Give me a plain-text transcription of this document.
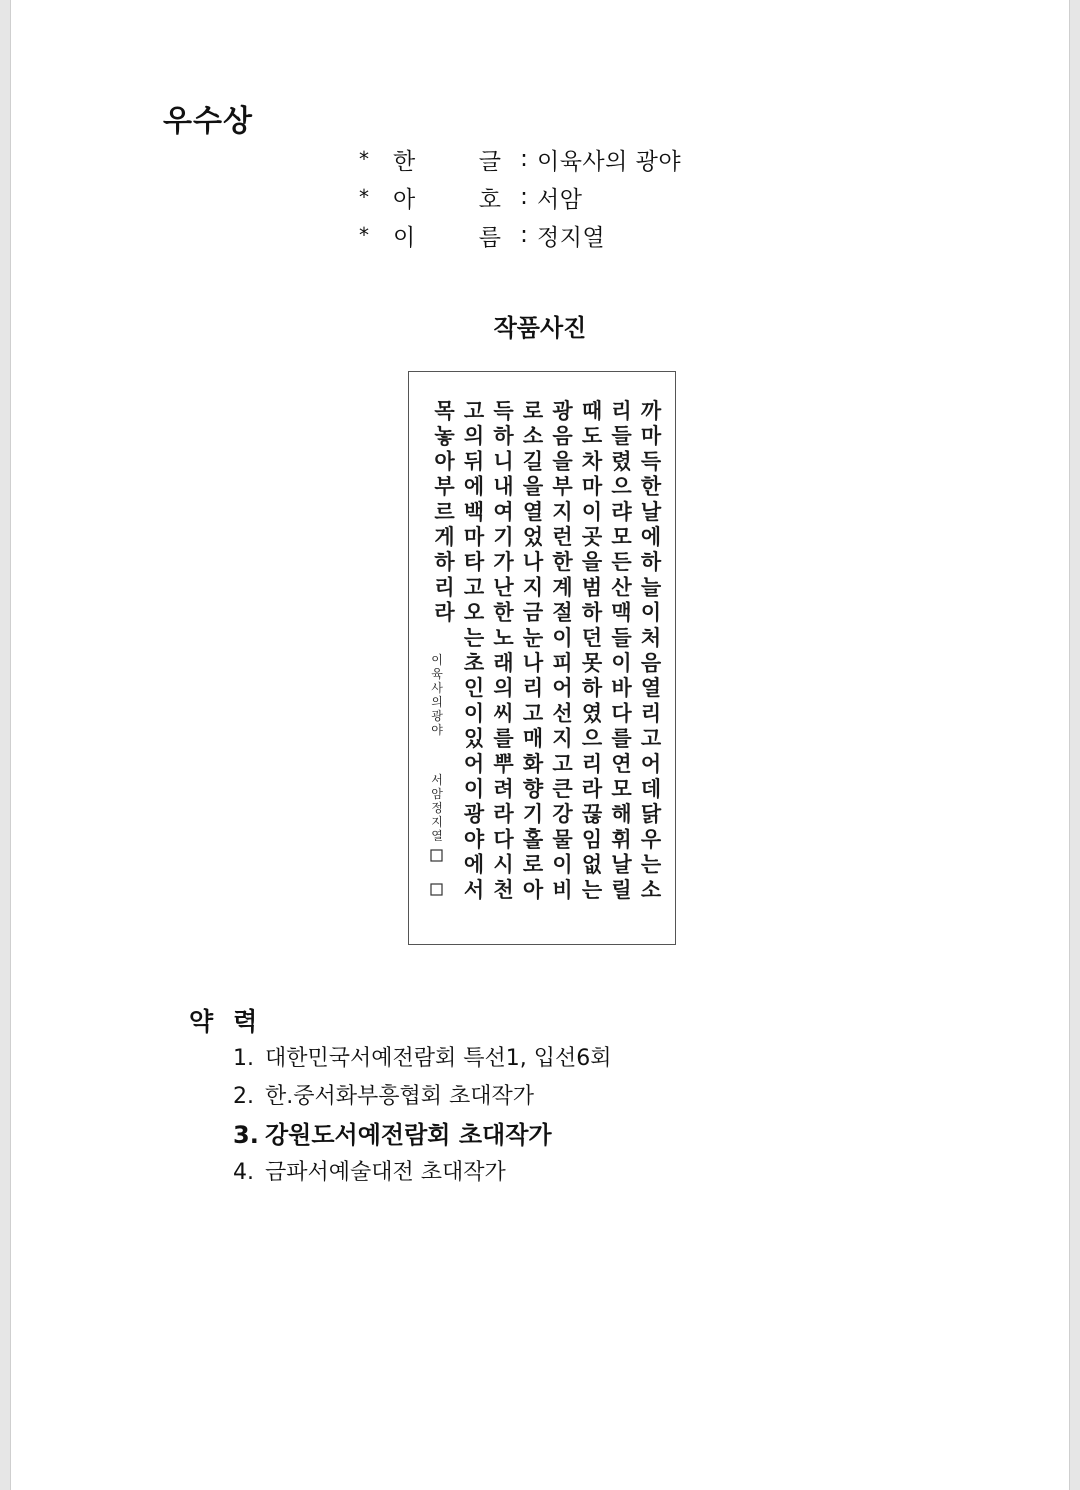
우수상
*	한	글 : 이육사의 광야
*	아	호 : 서암
*	이	름 : 정지열
작품사진
까
마
득
한
날
에
하
늘
이
처
음
열
리
고
어
데
닭
우
는
소
리
들
렸
으
랴
모
든
산
맥
들
이
바
다
를
연
모
해
휘
날
릴
때
도
차
마
이
곳
을
범
하
던
못
하
였
으
리
라
끊
임
없
는
광
음
을
부
지
런
한
계
절
이
피
어
선
지
고
큰
강
물
이
비
로
소
길
을
열
었
나
지
금
눈
나
리
고
매
화
향
기
홀
로
아
득
하
니
내
여
기
가
난
한
노
래
의
씨
를
뿌
려
라
다
시
천
고
의
뒤
에
백
마
타
고
오
는
초
인
이
있
어
이
광
야
에
서
목
놓
아
부
르
게
하
리
라
이
육
사
의
광
야
서
암
정
지
열
약력
1. 대한민국서예전람회 특선1, 입선6회
2. 한.중서화부흥협회 초대작가
3. 강원도서예전람회 초대작가
4. 금파서예술대전 초대작가
